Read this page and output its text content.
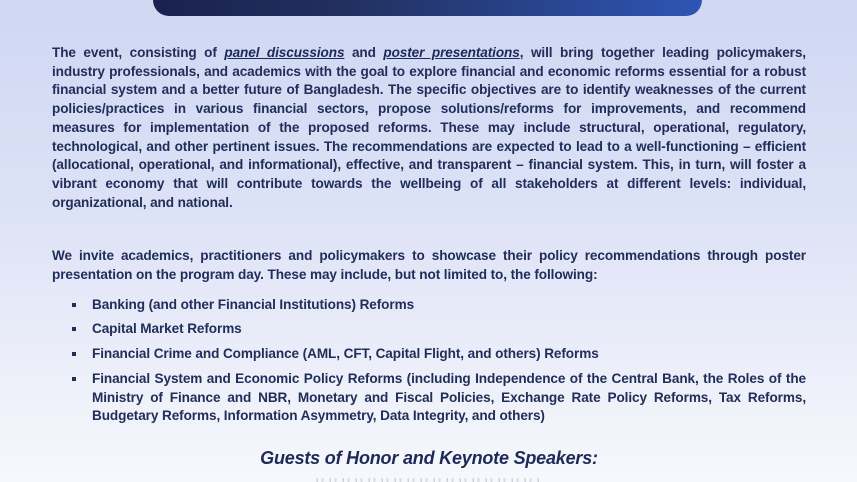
The event, consisting of panel discussions and poster presentations, will bring together leading policymakers, industry professionals, and academics with the goal to explore financial and economic reforms essential for a robust financial system and a better future of Bangladesh. The specific objectives are to identify weaknesses of the current policies/practices in various financial sectors, propose solutions/reforms for improvements, and recommend measures for implementation of the proposed reforms. These may include structural, operational, regulatory, technological, and other pertinent issues. The recommendations are expected to lead to a well-functioning – efficient (allocational, operational, and informational), effective, and transparent – financial system. This, in turn, will foster a vibrant economy that will contribute towards the wellbeing of all stakeholders at different levels: individual, organizational, and national.

We invite academics, practitioners and policymakers to showcase their policy recommendations through poster presentation on the program day. These may include, but not limited to, the following:

Banking (and other Financial Institutions) Reforms
Capital Market Reforms
Financial Crime and Compliance (AML, CFT, Capital Flight, and others) Reforms
Financial System and Economic Policy Reforms (including Independence of the Central Bank, the Roles of the Ministry of Finance and NBR, Monetary and Fiscal Policies, Exchange Rate Policy Reforms, Tax Reforms, Budgetary Reforms, Information Asymmetry, Data Integrity, and others)
Guests of Honor and Keynote Speakers:
